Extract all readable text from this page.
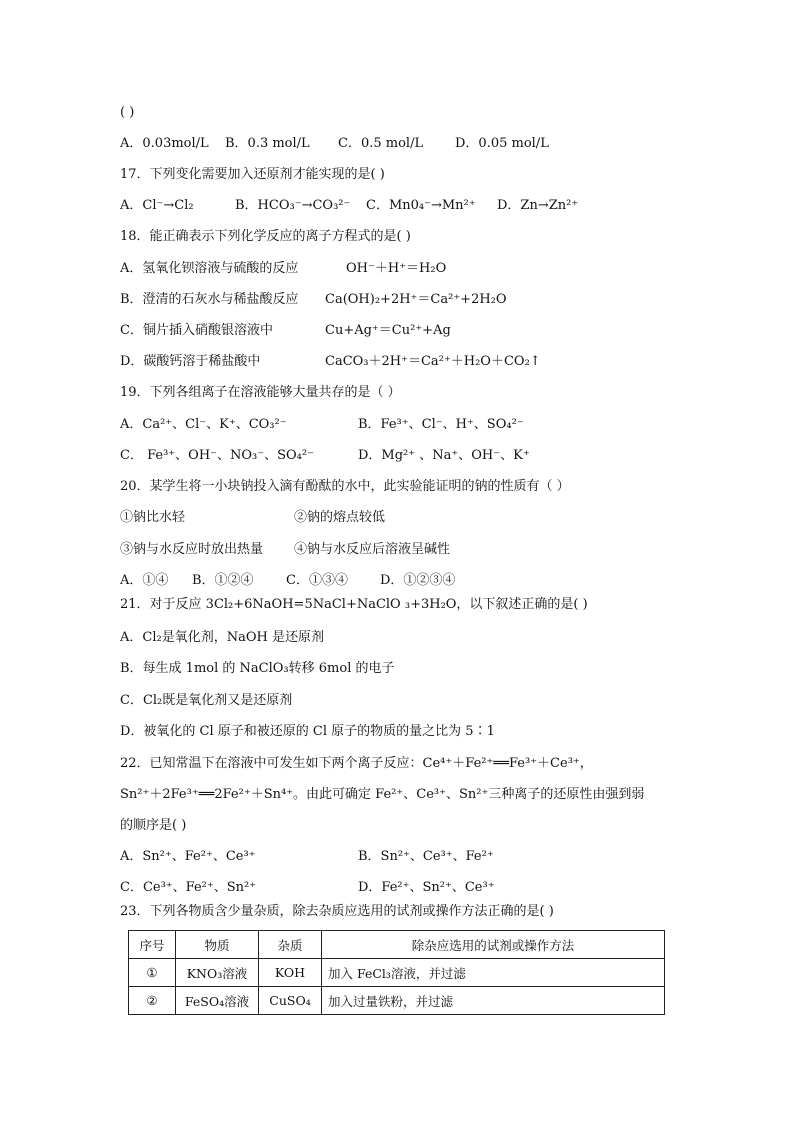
( )
A．0.03mol/L B．0.3 mol/L C．0.5 mol/L D．0.05 mol/L
17．下列变化需要加入还原剂才能实现的是( )
A．Cl⁻→Cl₂	B．HCO₃⁻→CO₃²⁻ C．Mn0₄⁻→Mn²⁺ D．Zn→Zn²⁺
18．能正确表示下列化学反应的离子方程式的是( )
A．氢氧化钡溶液与硫酸的反应	OH⁻＋H⁺＝H₂O
B．澄清的石灰水与稀盐酸反应 Ca(OH)₂+2H⁺＝Ca²⁺+2H₂O
C．铜片插入硝酸银溶液中	Cu+Ag⁺＝Cu²⁺+Ag
D．碳酸钙溶于稀盐酸中	CaCO₃＋2H⁺＝Ca²⁺＋H₂O＋CO₂↑
19．下列各组离子在溶液能够大量共存的是（ ）
A．Ca²⁺、Cl⁻、K⁺、CO₃²⁻	B．Fe³⁺、Cl⁻、H⁺、SO₄²⁻
C． Fe³⁺、OH⁻、NO₃⁻、SO₄²⁻	D．Mg²⁺ 、Na⁺、OH⁻、K⁺
20．某学生将一小块钠投入滴有酚酞的水中，此实验能证明的钠的性质有（ ）
①钠比水轻	②钠的熔点较低
③钠与水反应时放出热量 ④钠与水反应后溶液呈碱性
A．①④ B．①②④ C．①③④ D．①②③④
21．对于反应 3Cl₂+6NaOH=5NaCl+NaClO ₃+3H₂O，以下叙述正确的是( )
A．Cl₂是氧化剂，NaOH 是还原剂
B．每生成 1mol 的 NaClO₃转移 6mol 的电子
C．Cl₂既是氧化剂又是还原剂
D．被氧化的 Cl 原子和被还原的 Cl 原子的物质的量之比为 5∶1
22．已知常温下在溶液中可发生如下两个离子反应：Ce⁴⁺＋Fe²⁺══Fe³⁺＋Ce³⁺，
Sn²⁺＋2Fe³⁺══2Fe²⁺＋Sn⁴⁺。由此可确定 Fe²⁺、Ce³⁺、Sn²⁺三种离子的还原性由强到弱
的顺序是( )
A．Sn²⁺、Fe²⁺、Ce³⁺	B．Sn²⁺、Ce³⁺、Fe²⁺
C．Ce³⁺、Fe²⁺、Sn²⁺	D．Fe²⁺、Sn²⁺、Ce³⁺
23．下列各物质含少量杂质，除去杂质应选用的试剂或操作方法正确的是( )
序号	物质	杂质	除杂应选用的试剂或操作方法
①	KNO₃溶液	KOH	加入 FeCl₃溶液，并过滤
②	FeSO₄溶液	CuSO₄	加入过量铁粉，并过滤
